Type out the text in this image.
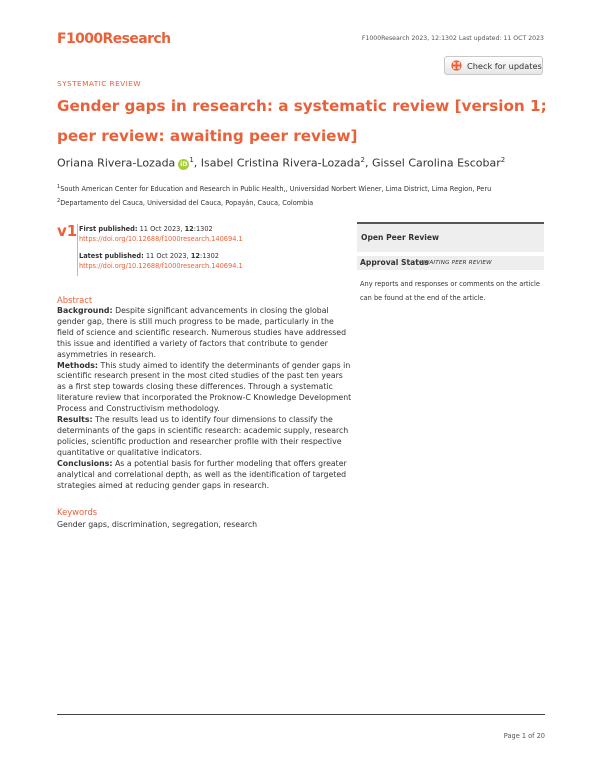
F1000Research	F1000Research 2023, 12:1302 Last updated: 11 OCT 2023
Check for updates
SYSTEMATIC REVIEW
Gender gaps in research: a systematic review [version 1; peer review: awaiting peer review]
Oriana Rivera-Lozada $iD^1$, Isabel Cristina Rivera-Lozada$^2$, Gissel Carolina Escobar$^2$
$^1$South American Center for Education and Research in Public Health,, Universidad Norbert Wiener, Lima District, Lima Region, Peru
$^2$Departamento del Cauca, Universidad del Cauca, Popayán, Cauca, Colombia
v1 First published: 11 Oct 2023, 12:1302
https://doi.org/10.12688/f1000research.140694.1
Latest published: 11 Oct 2023, 12:1302
https://doi.org/10.12688/f1000research.140694.1
Open Peer Review
Approval Status
AWAITING PEER REVIEW
Any reports and responses or comments on the article can be found at the end of the article.
Abstract

Background: Despite significant advancements in closing the global gender gap, there is still much progress to be made, particularly in the field of science and scientific research. Numerous studies have addressed this issue and identified a variety of factors that contribute to gender asymmetries in research.

Methods: This study aimed to identify the determinants of gender gaps in scientific research present in the most cited studies of the past ten years as a first step towards closing these differences. Through a systematic literature review that incorporated the Proknow-C Knowledge Development Process and Constructivism methodology.

Results: The results lead us to identify four dimensions to classify the determinants of the gaps in scientific research: academic supply, research policies, scientific production and researcher profile with their respective quantitative or qualitative indicators.

Conclusions: As a potential basis for further modeling that offers greater analytical and correlational depth, as well as the identification of targeted strategies aimed at reducing gender gaps in research.

Keywords
Gender gaps, discrimination, segregation, research
Page 1 of 20
